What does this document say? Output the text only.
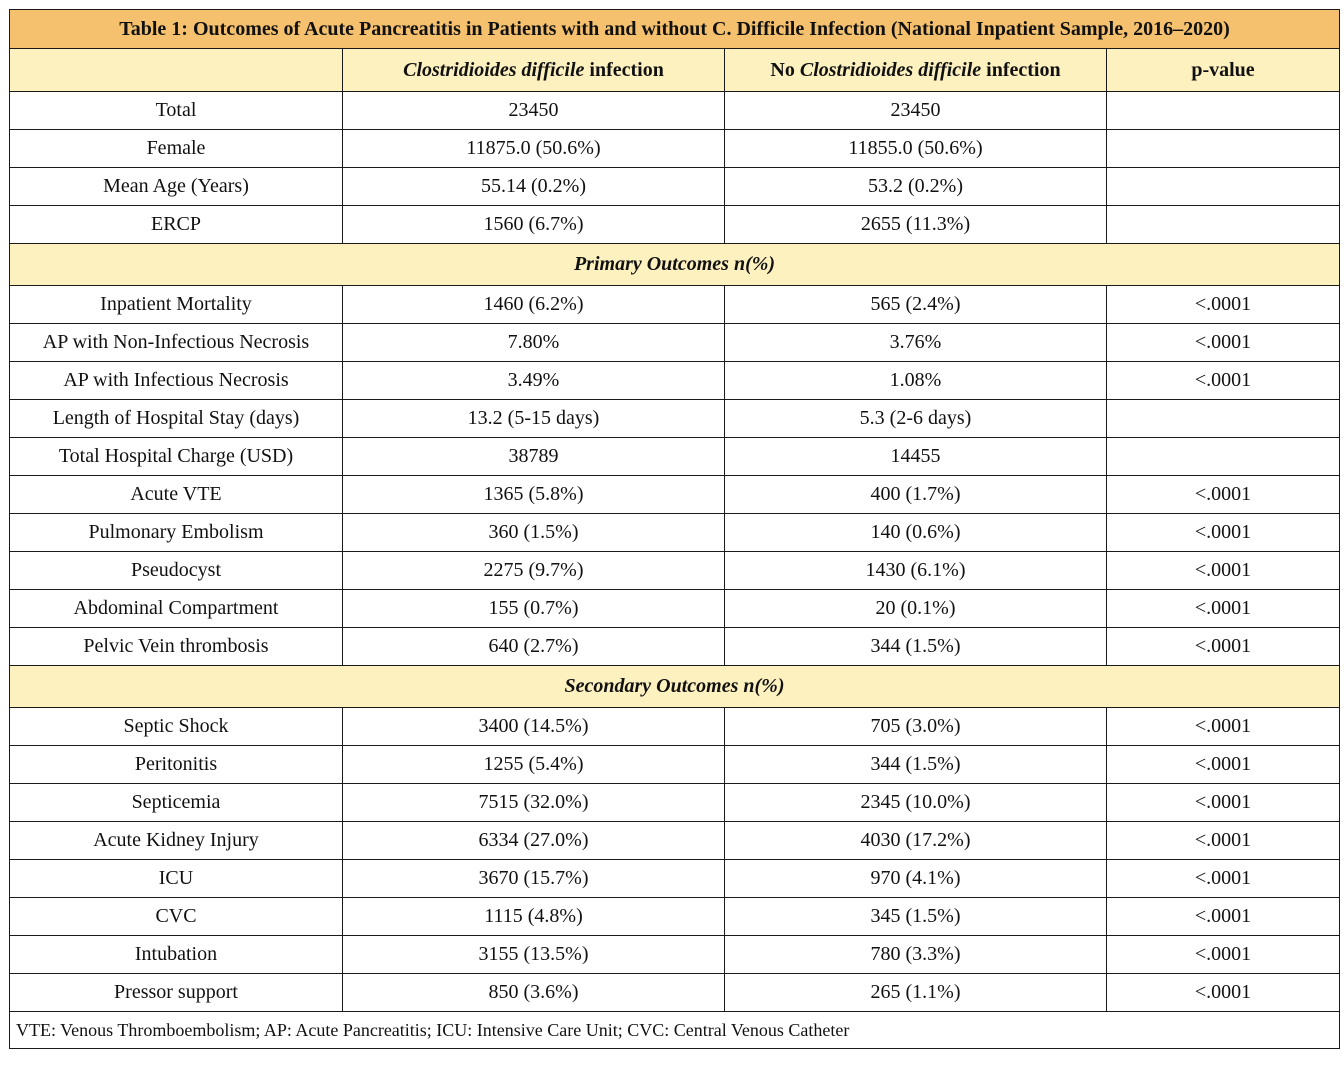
Table 1: Outcomes of Acute Pancreatitis in Patients with and without C. Difficile Infection (National Inpatient Sample, 2016–2020)			
	Clostridioides difficile infection	No Clostridioides difficile infection	p-value
Total	23450	23450	
Female	11875.0 (50.6%)	11855.0 (50.6%)	
Mean Age (Years)	55.14 (0.2%)	53.2 (0.2%)	
ERCP	1560 (6.7%)	2655 (11.3%)	
Primary Outcomes n(%)			
Inpatient Mortality	1460 (6.2%)	565 (2.4%)	<.0001
AP with Non-Infectious Necrosis	7.80%	3.76%	<.0001
AP with Infectious Necrosis	3.49%	1.08%	<.0001
Length of Hospital Stay (days)	13.2 (5-15 days)	5.3 (2-6 days)	
Total Hospital Charge (USD)	38789	14455	
Acute VTE	1365 (5.8%)	400 (1.7%)	<.0001
Pulmonary Embolism	360 (1.5%)	140 (0.6%)	<.0001
Pseudocyst	2275 (9.7%)	1430 (6.1%)	<.0001
Abdominal Compartment	155 (0.7%)	20 (0.1%)	<.0001
Pelvic Vein thrombosis	640 (2.7%)	344 (1.5%)	<.0001
Secondary Outcomes n(%)			
Septic Shock	3400 (14.5%)	705 (3.0%)	<.0001
Peritonitis	1255 (5.4%)	344 (1.5%)	<.0001
Septicemia	7515 (32.0%)	2345 (10.0%)	<.0001
Acute Kidney Injury	6334 (27.0%)	4030 (17.2%)	<.0001
ICU	3670 (15.7%)	970 (4.1%)	<.0001
CVC	1115 (4.8%)	345 (1.5%)	<.0001
Intubation	3155 (13.5%)	780 (3.3%)	<.0001
Pressor support	850 (3.6%)	265 (1.1%)	<.0001
VTE: Venous Thromboembolism; AP: Acute Pancreatitis; ICU: Intensive Care Unit; CVC: Central Venous Catheter			
